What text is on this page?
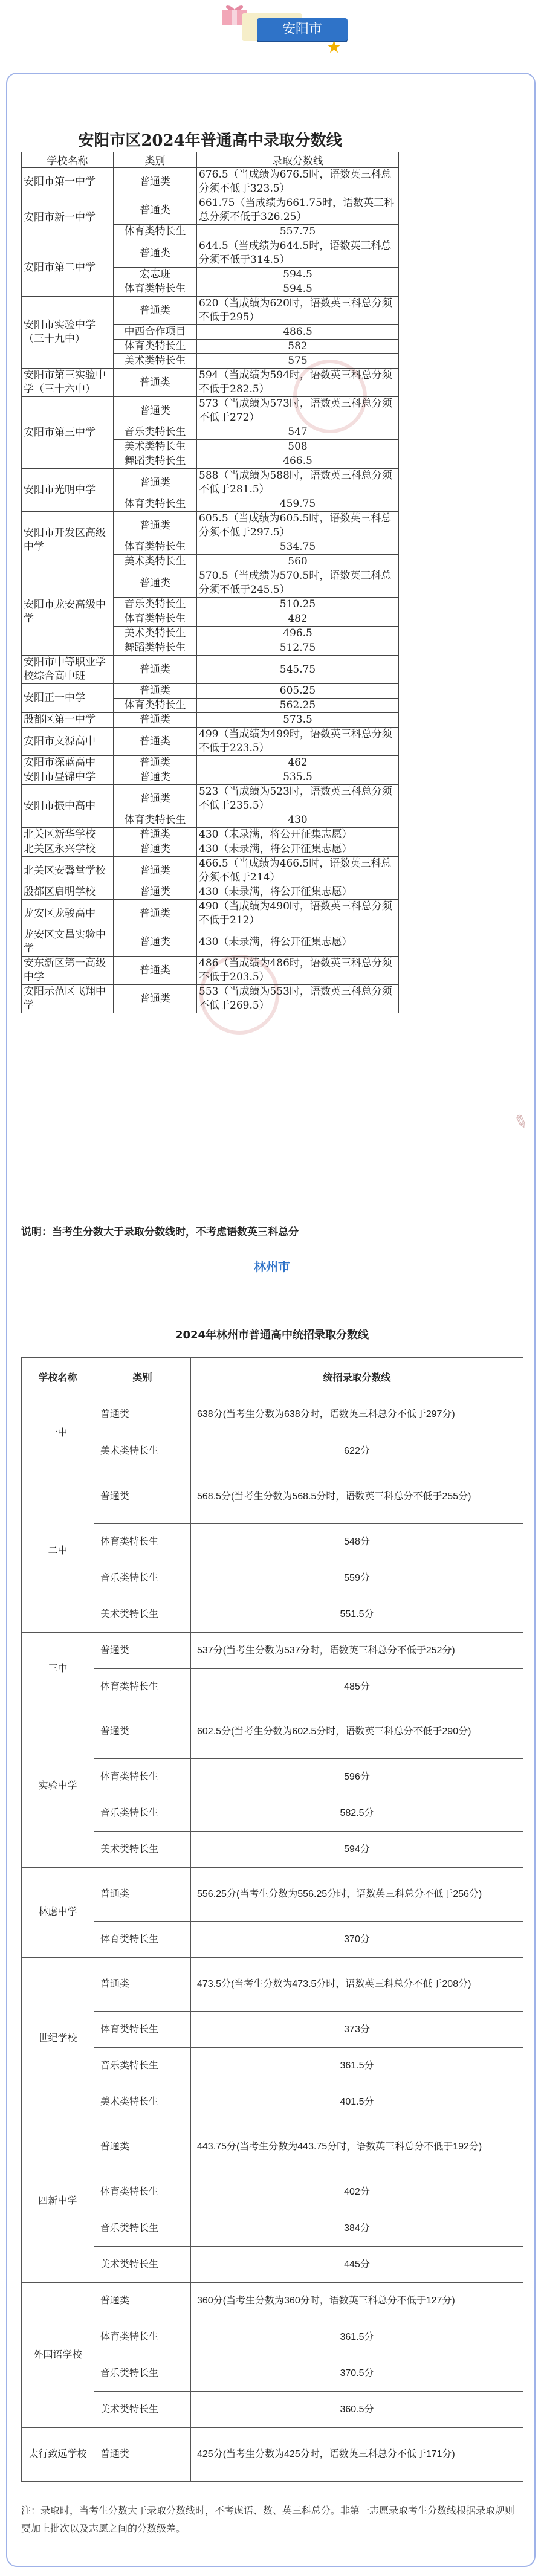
安阳市
★
安阳市区2024年普通高中录取分数线
学校名称	类别	录取分数线
安阳市第一中学	普通类	676.5（当成绩为676.5时，语数英三科总分须不低于323.5）
安阳市新一中学	普通类	661.75（当成绩为661.75时，语数英三科总分须不低于326.25）
	体育类特长生	557.75
安阳市第二中学	普通类	644.5（当成绩为644.5时，语数英三科总分须不低于314.5）
	宏志班	594.5
	体育类特长生	594.5
安阳市实验中学（三十九中）	普通类	620（当成绩为620时，语数英三科总分须不低于295）
	中西合作项目	486.5
	体育类特长生	582
	美术类特长生	575
安阳市第三实验中学（三十六中）	普通类	594（当成绩为594时，语数英三科总分须不低于282.5）
安阳市第三中学	普通类	573（当成绩为573时，语数英三科总分须不低于272）
	音乐类特长生	547
	美术类特长生	508
	舞蹈类特长生	466.5
安阳市光明中学	普通类	588（当成绩为588时，语数英三科总分须不低于281.5）
	体育类特长生	459.75
安阳市开发区高级中学	普通类	605.5（当成绩为605.5时，语数英三科总分须不低于297.5）
	体育类特长生	534.75
	美术类特长生	560
安阳市龙安高级中学	普通类	570.5（当成绩为570.5时，语数英三科总分须不低于245.5）
	音乐类特长生	510.25
	体育类特长生	482
	美术类特长生	496.5
	舞蹈类特长生	512.75
安阳市中等职业学校综合高中班	普通类	545.75
安阳正一中学	普通类	605.25
	体育类特长生	562.25
殷都区第一中学	普通类	573.5
安阳市文源高中	普通类	499（当成绩为499时，语数英三科总分须不低于223.5）
安阳市深蓝高中	普通类	462
安阳市昼锦中学	普通类	535.5
安阳市振中高中	普通类	523（当成绩为523时，语数英三科总分须不低于235.5）
	体育类特长生	430
北关区新华学校	普通类	430（未录满，将公开征集志愿）
北关区永兴学校	普通类	430（未录满，将公开征集志愿）
北关区安馨堂学校	普通类	466.5（当成绩为466.5时，语数英三科总分须不低于214）
殷都区启明学校	普通类	430（未录满，将公开征集志愿）
龙安区龙骏高中	普通类	490（当成绩为490时，语数英三科总分须不低于212）
龙安区文昌实验中学	普通类	430（未录满，将公开征集志愿）
安东新区第一高级中学	普通类	486（当成绩为486时，语数英三科总分须不低于203.5）
安阳示范区飞翔中学	普通类	553（当成绩为553时，语数英三科总分须不低于269.5）
说明：当考生分数大于录取分数线时，不考虑语数英三科总分
林州市
2024年林州市普通高中统招录取分数线
学校名称	类别	统招录取分数线
一中	普通类	638分(当考生分数为638分时，语数英三科总分不低于297分)
	美术类特长生	622分
二中	普通类	568.5分(当考生分数为568.5分时，语数英三科总分不低于255分)
	体育类特长生	548分
	音乐类特长生	559分
	美术类特长生	551.5分
三中	普通类	537分(当考生分数为537分时，语数英三科总分不低于252分)
	体育类特长生	485分
实验中学	普通类	602.5分(当考生分数为602.5分时，语数英三科总分不低于290分)
	体育类特长生	596分
	音乐类特长生	582.5分
	美术类特长生	594分
林虑中学	普通类	556.25分(当考生分数为556.25分时，语数英三科总分不低于256分)
	体育类特长生	370分
世纪学校	普通类	473.5分(当考生分数为473.5分时，语数英三科总分不低于208分)
	体育类特长生	373分
	音乐类特长生	361.5分
	美术类特长生	401.5分
四新中学	普通类	443.75分(当考生分数为443.75分时，语数英三科总分不低于192分)
	体育类特长生	402分
	音乐类特长生	384分
	美术类特长生	445分
外国语学校	普通类	360分(当考生分数为360分时，语数英三科总分不低于127分)
	体育类特长生	361.5分
	音乐类特长生	370.5分
	美术类特长生	360.5分
太行致远学校	普通类	425分(当考生分数为425分时，语数英三科总分不低于171分)
注：录取时，当考生分数大于录取分数线时，不考虑语、数、英三科总分。非第一志愿录取考生分数线根据录取规则要加上批次以及志愿之间的分数级差。
✎
